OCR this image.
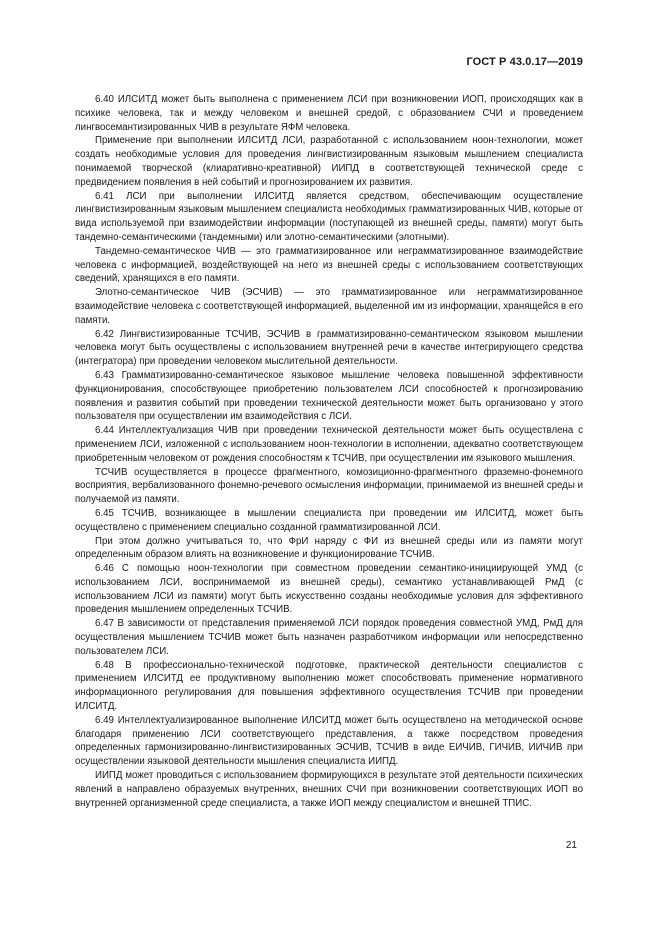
ГОСТ Р 43.0.17—2019

6.40 ИЛСИТД может быть выполнена с применением ЛСИ при возникновении ИОП, происходящих как в психике человека, так и между человеком и внешней средой, с образованием СЧИ и проведением лингвосемантизированных ЧИВ в результате ЯФМ человека.

Применение при выполнении ИЛСИТД ЛСИ, разработанной с использованием ноон-технологии, может создать необходимые условия для проведения лингвистизированным языковым мышлением специалиста понимаемой творческой (клиаративно-креативной) ИИПД в соответствующей технической среде с предвидением появления в ней событий и прогнозированием их развития.

6.41 ЛСИ при выполнении ИЛСИТД является средством, обеспечивающим осуществление лингвистизированным языковым мышлением специалиста необходимых грамматизированных ЧИВ, которые от вида используемой при взаимодействии информации (поступающей из внешней среды, памяти) могут быть тандемно-семантическими (тандемными) или элотно-семантическими (элотными).

Тандемно-семантическое ЧИВ — это грамматизированное или неграмматизированное взаимодействие человека с информацией, воздействующей на него из внешней среды с использованием соответствующих сведений, хранящихся в его памяти.

Элотно-семантическое ЧИВ (ЭСЧИВ) — это грамматизированное или неграмматизированное взаимодействие человека с соответствующей информацией, выделенной им из информации, хранящейся в его памяти.

6.42 Лингвистизированные ТСЧИВ, ЭСЧИВ в грамматизированно-семантическом языковом мышлении человека могут быть осуществлены с использованием внутренней речи в качестве интегрирующего средства (интегратора) при проведении человеком мыслительной деятельности.

6.43 Грамматизированно-семантическое языковое мышление человека повышенной эффективности функционирования, способствующее приобретению пользователем ЛСИ способностей к прогнозированию появления и развития событий при проведении технической деятельности может быть организовано у этого пользователя при осуществлении им взаимодействия с ЛСИ.

6.44 Интеллектуализация ЧИВ при проведении технической деятельности может быть осуществлена с применением ЛСИ, изложенной с использованием ноон-технологии в исполнении, адекватно соответствующем приобретенным человеком от рождения способностям к ТСЧИВ, при осуществлении им языкового мышления.

ТСЧИВ осуществляется в процессе фрагментного, комозиционно-фрагментного фраземно-фонемного восприятия, вербализованного фонемно-речевого осмысления информации, принимаемой из внешней среды и получаемой из памяти.

6.45 ТСЧИВ, возникающее в мышлении специалиста при проведении им ИЛСИТД, может быть осуществлено с применением специально созданной грамматизированной ЛСИ.

При этом должно учитываться то, что ФрИ наряду с ФИ из внешней среды или из памяти могут определенным образом влиять на возникновение и функционирование ТСЧИВ.

6.46 С помощью ноон-технологии при совместном проведении семантико-инициирующей УМД (с использованием ЛСИ, воспринимаемой из внешней среды), семантико устанавливающей РмД (с использованием ЛСИ из памяти) могут быть искусственно созданы необходимые условия для эффективного проведения мышлением определенных ТСЧИВ.

6.47 В зависимости от представления применяемой ЛСИ порядок проведения совместной УМД, РмД для осуществления мышлением ТСЧИВ может быть назначен разработчиком информации или непосредственно пользователем ЛСИ.

6.48 В профессионально-технической подготовке, практической деятельности специалистов с применением ИЛСИТД ее продуктивному выполнению может способствовать применение нормативного информационного регулирования для повышения эффективного осуществления ТСЧИВ при проведении ИЛСИТД.

6.49 Интеллектуализированное выполнение ИЛСИТД может быть осуществлено на методической основе благодаря применению ЛСИ соответствующего представления, а также посредством проведения определенных гармонизированно-лингвистизированных ЭСЧИВ, ТСЧИВ в виде ЕИЧИВ, ГИЧИВ, ИИЧИВ при осуществлении языковой деятельности мышления специалиста ИИПД.

ИИПД может проводиться с использованием формирующихся в результате этой деятельности психических явлений в направлено образуемых внутренних, внешних СЧИ при возникновении соответствующих ИОП во внутренней организменной среде специалиста, а также ИОП между специалистом и внешней ТПИС.

21
